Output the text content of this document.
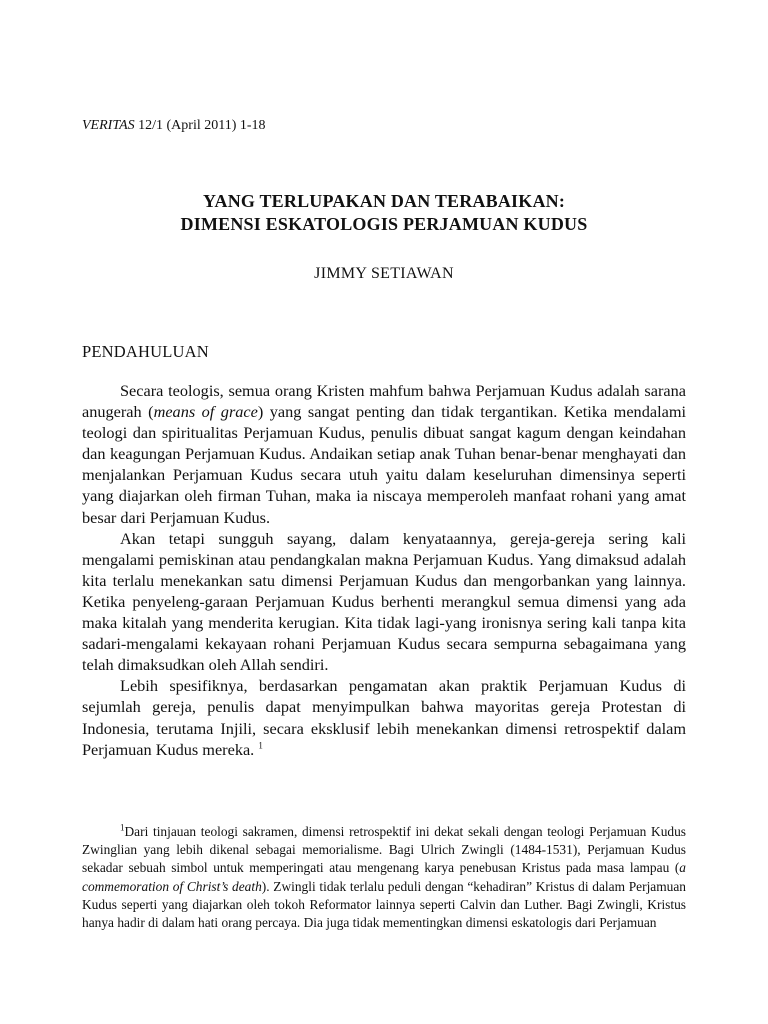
VERITAS 12/1 (April 2011) 1-18
YANG TERLUPAKAN DAN TERABAIKAN:
DIMENSI ESKATOLOGIS PERJAMUAN KUDUS
JIMMY SETIAWAN
PENDAHULUAN

Secara teologis, semua orang Kristen mahfum bahwa Perjamuan Kudus adalah sarana anugerah (means of grace) yang sangat penting dan tidak tergantikan. Ketika mendalami teologi dan spiritualitas Perjamuan Kudus, penulis dibuat sangat kagum dengan keindahan dan keagungan Perjamuan Kudus. Andaikan setiap anak Tuhan benar-benar menghayati dan menjalankan Perjamuan Kudus secara utuh yaitu dalam keseluruhan dimensinya seperti yang diajarkan oleh firman Tuhan, maka ia niscaya memperoleh manfaat rohani yang amat besar dari Perjamuan Kudus.

Akan tetapi sungguh sayang, dalam kenyataannya, gereja-gereja sering kali mengalami pemiskinan atau pendangkalan makna Perjamuan Kudus. Yang dimaksud adalah kita terlalu menekankan satu dimensi Perjamuan Kudus dan mengorbankan yang lainnya. Ketika penyeleng-garaan Perjamuan Kudus berhenti merangkul semua dimensi yang ada maka kitalah yang menderita kerugian. Kita tidak lagi-yang ironisnya sering kali tanpa kita sadari-mengalami kekayaan rohani Perjamuan Kudus secara sempurna sebagaimana yang telah dimaksudkan oleh Allah sendiri.

Lebih spesifiknya, berdasarkan pengamatan akan praktik Perjamuan Kudus di sejumlah gereja, penulis dapat menyimpulkan bahwa mayoritas gereja Protestan di Indonesia, terutama Injili, secara eksklusif lebih menekankan dimensi retrospektif dalam Perjamuan Kudus mereka. $^1$

$^1$Dari tinjauan teologi sakramen, dimensi retrospektif ini dekat sekali dengan teologi Perjamuan Kudus Zwinglian yang lebih dikenal sebagai memorialisme. Bagi Ulrich Zwingli (1484-1531), Perjamuan Kudus sekadar sebuah simbol untuk memperingati atau mengenang karya penebusan Kristus pada masa lampau (a commemoration of Christ’s death). Zwingli tidak terlalu peduli dengan “kehadiran” Kristus di dalam Perjamuan Kudus seperti yang diajarkan oleh tokoh Reformator lainnya seperti Calvin dan Luther. Bagi Zwingli, Kristus hanya hadir di dalam hati orang percaya. Dia juga tidak mementingkan dimensi eskatologis dari Perjamuan
